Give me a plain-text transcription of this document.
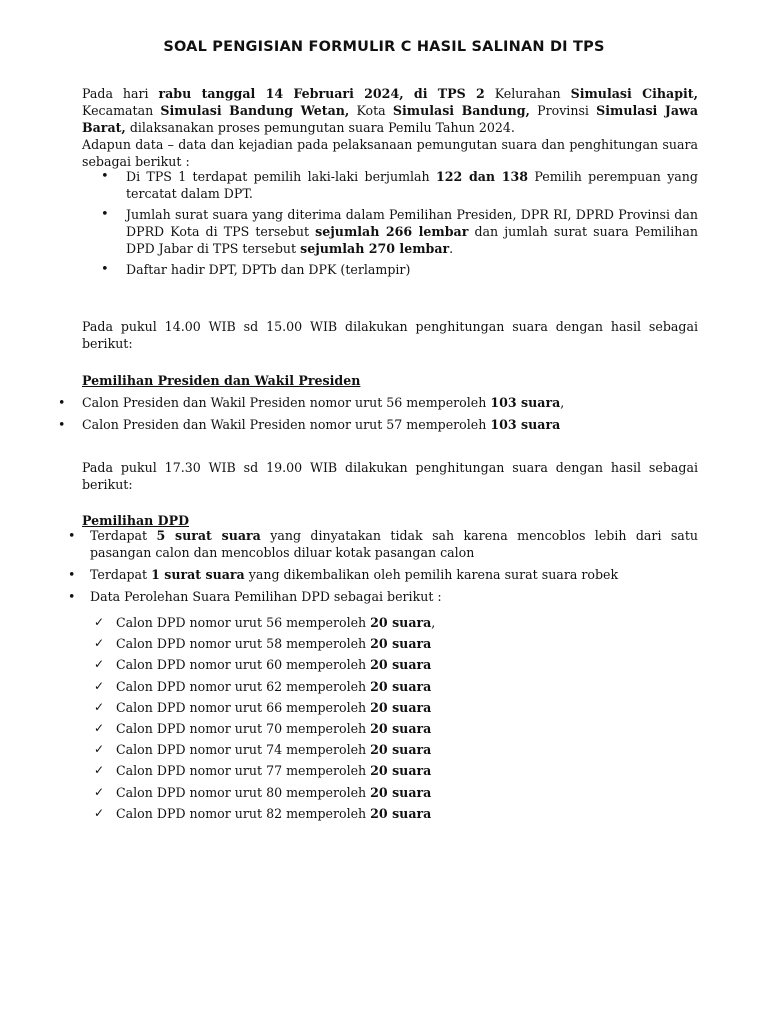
SOAL PENGISIAN FORMULIR C HASIL SALINAN DI TPS
Pada hari rabu tanggal 14 Februari 2024, di TPS 2 Kelurahan Simulasi Cihapit, Kecamatan Simulasi Bandung Wetan, Kota Simulasi Bandung, Provinsi Simulasi Jawa Barat, dilaksanakan proses pemungutan suara Pemilu Tahun 2024.
Adapun data – data dan kejadian pada pelaksanaan pemungutan suara dan penghitungan suara sebagai berikut :
• Di TPS 1 terdapat pemilih laki-laki berjumlah 122 dan 138 Pemilih perempuan yang tercatat dalam DPT.
• Jumlah surat suara yang diterima dalam Pemilihan Presiden, DPR RI, DPRD Provinsi dan DPRD Kota di TPS tersebut sejumlah 266 lembar dan jumlah surat suara Pemilihan DPD Jabar di TPS tersebut sejumlah 270 lembar.
• Daftar hadir DPT, DPTb dan DPK (terlampir)
Pada pukul 14.00 WIB sd 15.00 WIB dilakukan penghitungan suara dengan hasil sebagai berikut:
Pemilihan Presiden dan Wakil Presiden
• Calon Presiden dan Wakil Presiden nomor urut 56 memperoleh 103 suara,
• Calon Presiden dan Wakil Presiden nomor urut 57 memperoleh 103 suara
Pada pukul 17.30 WIB sd 19.00 WIB dilakukan penghitungan suara dengan hasil sebagai berikut:
Pemilihan DPD
• Terdapat 5 surat suara yang dinyatakan tidak sah karena mencoblos lebih dari satu pasangan calon dan mencoblos diluar kotak pasangan calon
• Terdapat 1 surat suara yang dikembalikan oleh pemilih karena surat suara robek
• Data Perolehan Suara Pemilihan DPD sebagai berikut :
✓ Calon DPD nomor urut 56 memperoleh 20 suara,
✓ Calon DPD nomor urut 58 memperoleh 20 suara
✓ Calon DPD nomor urut 60 memperoleh 20 suara
✓ Calon DPD nomor urut 62 memperoleh 20 suara
✓ Calon DPD nomor urut 66 memperoleh 20 suara
✓ Calon DPD nomor urut 70 memperoleh 20 suara
✓ Calon DPD nomor urut 74 memperoleh 20 suara
✓ Calon DPD nomor urut 77 memperoleh 20 suara
✓ Calon DPD nomor urut 80 memperoleh 20 suara
✓ Calon DPD nomor urut 82 memperoleh 20 suara
